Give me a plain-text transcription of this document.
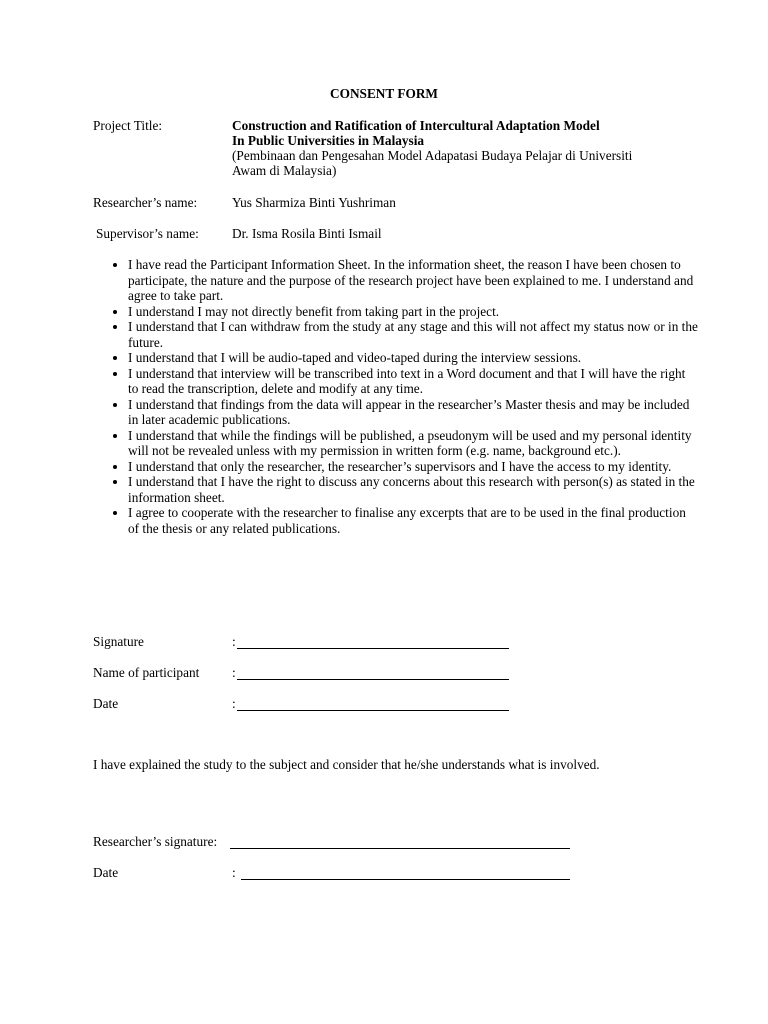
CONSENT FORM
Project Title:	Construction and Ratification of Intercultural Adaptation Model
In Public Universities in Malaysia
(Pembinaan dan Pengesahan Model Adapatasi Budaya Pelajar di Universiti
Awam di Malaysia)
Researcher’s name:	Yus Sharmiza Binti Yushriman
Supervisor’s name: Dr. Isma Rosila Binti Ismail
• I have read the Participant Information Sheet. In the information sheet, the reason I have been chosen to participate, the nature and the purpose of the research project have been explained to me. I understand and agree to take part.
• I understand I may not directly benefit from taking part in the project.
• I understand that I can withdraw from the study at any stage and this will not affect my status now or in the future.
• I understand that I will be audio-taped and video-taped during the interview sessions.
• I understand that interview will be transcribed into text in a Word document and that I will have the right to read the transcription, delete and modify at any time.
• I understand that findings from the data will appear in the researcher’s Master thesis and may be included in later academic publications.
• I understand that while the findings will be published, a pseudonym will be used and my personal identity will not be revealed unless with my permission in written form (e.g. name, background etc.).
• I understand that only the researcher, the researcher’s supervisors and I have the access to my identity.
• I understand that I have the right to discuss any concerns about this research with person(s) as stated in the information sheet.
• I agree to cooperate with the researcher to finalise any excerpts that are to be used in the final production of the thesis or any related publications.
Signature	:
Name of participant :
Date	:
I have explained the study to the subject and consider that he/she understands what is involved.
Researcher’s signature:
Date	:
